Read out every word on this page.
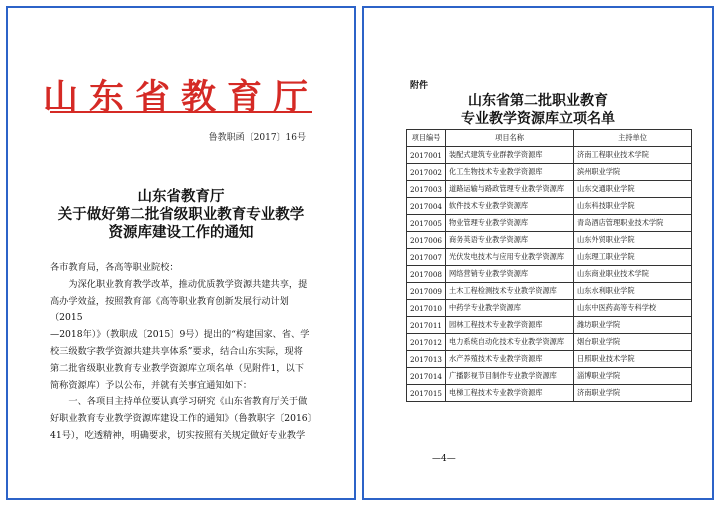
山东省教育厅
鲁教职函〔2017〕16号
山东省教育厅
关于做好第二批省级职业教育专业教学
资源库建设工作的通知

各市教育局，各高等职业院校：

为深化职业教育教学改革，推动优质教学资源共建共享，提

高办学效益，按照教育部《高等职业教育创新发展行动计划（2015

—2018年）》（教职成〔2015〕9号）提出的“构建国家、省、学

校三级数字教学资源共建共享体系”要求，结合山东实际，现将

第二批省级职业教育专业教学资源库立项名单（见附件1，以下

简称资源库）予以公布，并就有关事宜通知如下：

一、各项目主持单位要认真学习研究《山东省教育厅关于做

好职业教育专业教学资源库建设工作的通知》（鲁教职字〔2016〕

41号），吃透精神，明确要求，切实按照有关规定做好专业教学

附件
山东省第二批职业教育
专业教学资源库立项名单
项目编号	项目名称	主持单位
2017001	装配式建筑专业群教学资源库	济南工程职业技术学院
2017002	化工生物技术专业教学资源库	滨州职业学院
2017003	道路运输与路政管理专业教学资源库	山东交通职业学院
2017004	软件技术专业教学资源库	山东科技职业学院
2017005	物业管理专业教学资源库	青岛酒店管理职业技术学院
2017006	商务英语专业教学资源库	山东外贸职业学院
2017007	光伏发电技术与应用专业教学资源库	山东理工职业学院
2017008	网络营销专业教学资源库	山东商业职业技术学院
2017009	土木工程检测技术专业教学资源库	山东水利职业学院
2017010	中药学专业教学资源库	山东中医药高等专科学校
2017011	园林工程技术专业教学资源库	潍坊职业学院
2017012	电力系统自动化技术专业教学资源库	烟台职业学院
2017013	水产养殖技术专业教学资源库	日照职业技术学院
2017014	广播影视节目制作专业教学资源库	淄博职业学院
2017015	电梯工程技术专业教学资源库	济南职业学院
—4—
